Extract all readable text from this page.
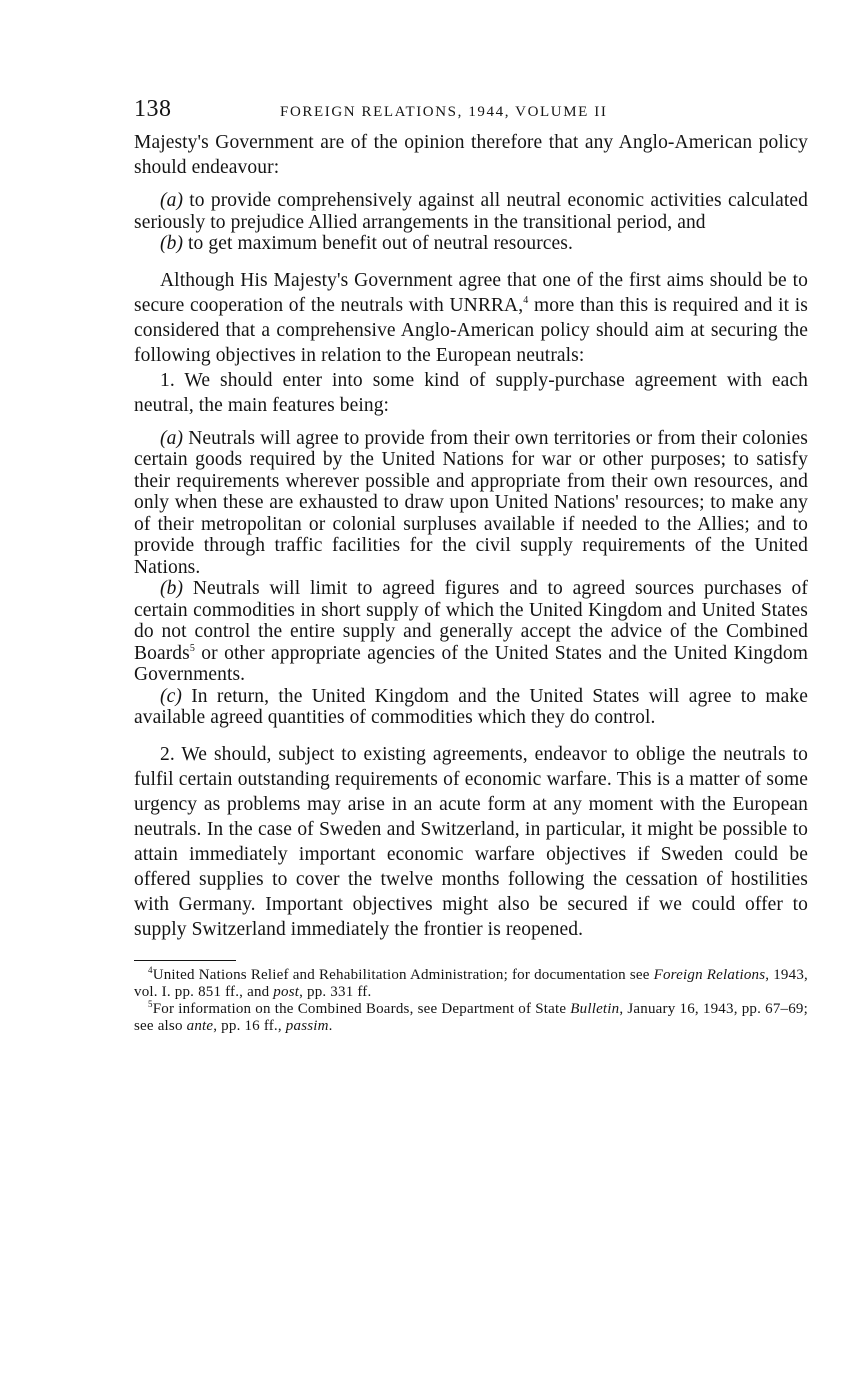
138	FOREIGN RELATIONS, 1944, VOLUME II

Majesty's Government are of the opinion therefore that any Anglo-American policy should endeavour:

(a) to provide comprehensively against all neutral economic activities calculated seriously to prejudice Allied arrangements in the transitional period, and

(b) to get maximum benefit out of neutral resources.

Although His Majesty's Government agree that one of the first aims should be to secure cooperation of the neutrals with UNRRA,$^4$ more than this is required and it is considered that a comprehensive Anglo-American policy should aim at securing the following objectives in relation to the European neutrals:

1. We should enter into some kind of supply-purchase agreement with each neutral, the main features being:

(a) Neutrals will agree to provide from their own territories or from their colonies certain goods required by the United Nations for war or other purposes; to satisfy their requirements wherever possible and appropriate from their own resources, and only when these are exhausted to draw upon United Nations' resources; to make any of their metropolitan or colonial surpluses available if needed to the Allies; and to provide through traffic facilities for the civil supply requirements of the United Nations.

(b) Neutrals will limit to agreed figures and to agreed sources purchases of certain commodities in short supply of which the United Kingdom and United States do not control the entire supply and generally accept the advice of the Combined Boards$^5$ or other appropriate agencies of the United States and the United Kingdom Governments.

(c) In return, the United Kingdom and the United States will agree to make available agreed quantities of commodities which they do control.

2. We should, subject to existing agreements, endeavor to oblige the neutrals to fulfil certain outstanding requirements of economic warfare. This is a matter of some urgency as problems may arise in an acute form at any moment with the European neutrals. In the case of Sweden and Switzerland, in particular, it might be possible to attain immediately important economic warfare objectives if Sweden could be offered supplies to cover the twelve months following the cessation of hostilities with Germany. Important objectives might also be secured if we could offer to supply Switzerland immediately the frontier is reopened.

$^4$United Nations Relief and Rehabilitation Administration; for documentation see Foreign Relations, 1943, vol. I. pp. 851 ff., and post, pp. 331 ff.

$^5$For information on the Combined Boards, see Department of State Bulletin, January 16, 1943, pp. 67–69; see also ante, pp. 16 ff., passim.
